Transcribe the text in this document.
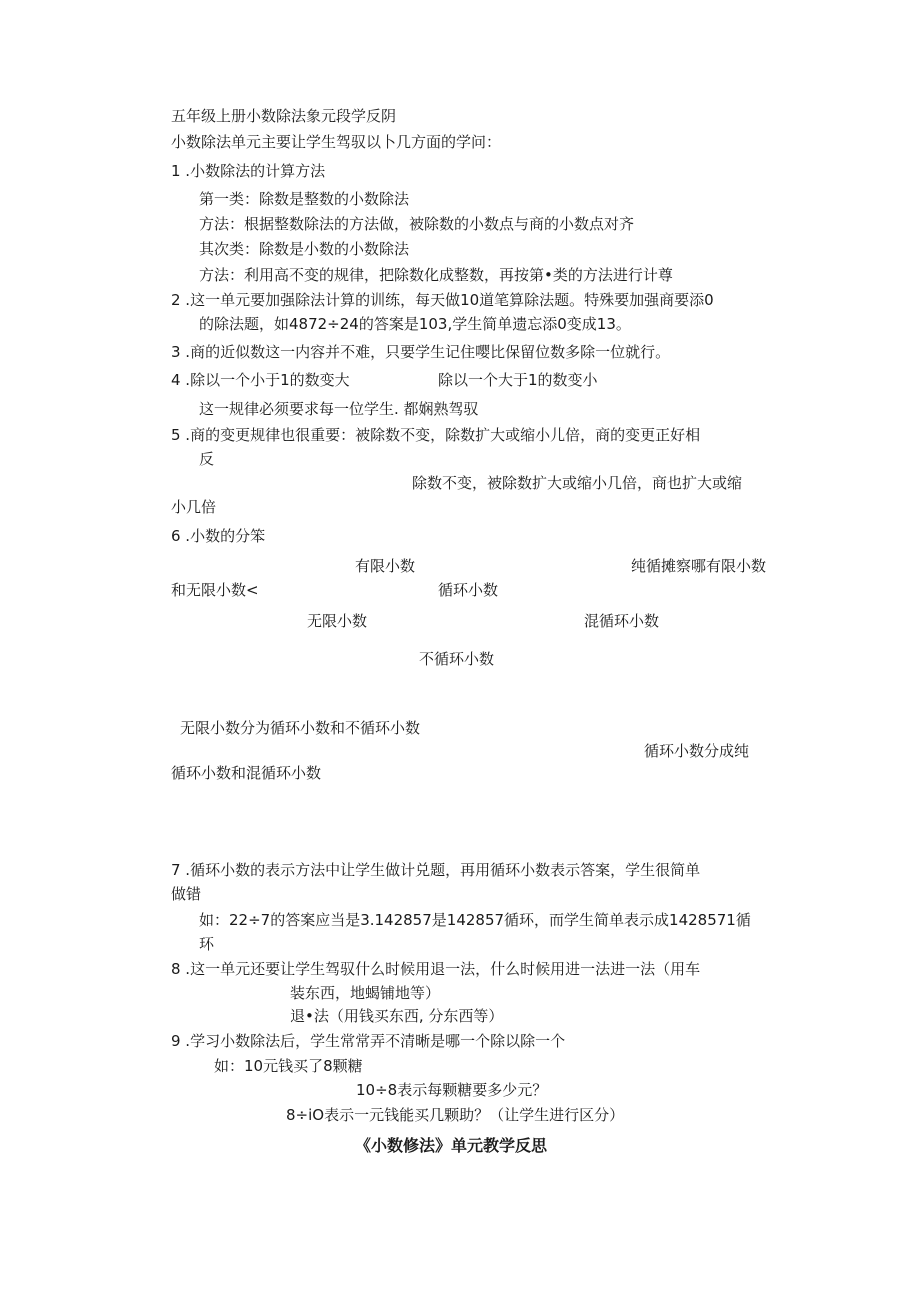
五年级上册小数除法象元段学反阴
小数除法单元主要让学生驾驭以卜几方面的学问：
1 .小数除法的计算方法
第一类：除数是整数的小数除法
方法：根据整数除法的方法做，被除数的小数点与商的小数点对齐
其次类：除数是小数的小数除法
方法：利用高不变的规律，把除数化成整数，再按第•类的方法进行计尊
2 .这一单元要加强除法计算的训练，每天做10道笔算除法题。特殊要加强商要添0
的除法题，如4872÷24的答案是103,学生简单遗忘添0变成13。
3 .商的近似数这一内容并不难，只要学生记住嘤比保留位数多除一位就行。
4 .除以一个小于1的数变大	除以一个大于1的数变小
这一规律必须要求每一位学生. 都娴熟驾驭
5 .商的变更规律也很重要：被除数不变，除数扩大或缩小儿倍，商的变更正好相
反
除数不变，被除数扩大或缩小几倍，商也扩大或缩
小几倍
6 .小数的分笨
有限小数	纯循摊察哪有限小数
和无限小数<	循环小数
无限小数	混循环小数
不循环小数
无限小数分为循环小数和不循环小数
循环小数分成纯
循环小数和混循环小数
7 .循环小数的表示方法中让学生做计兑题，再用循环小数表示答案，学生很简单
做错
如：22÷7的答案应当是3.142857是142857循环，而学生简单表示成1428571循
环
8 .这一单元还要让学生驾驭什么时候用退一法，什么时候用进一法进一法（用车
装东西，地蝎铺地等）
退•法（用钱买东西, 分东西等）
9 .学习小数除法后，学生常常弄不清晰是哪一个除以除一个
如：10元钱买了8颗糖
10÷8表示每颗糖要多少元？
8÷iO表示一元钱能买几颗助？（让学生进行区分）
《小数修法》单元教学反思
